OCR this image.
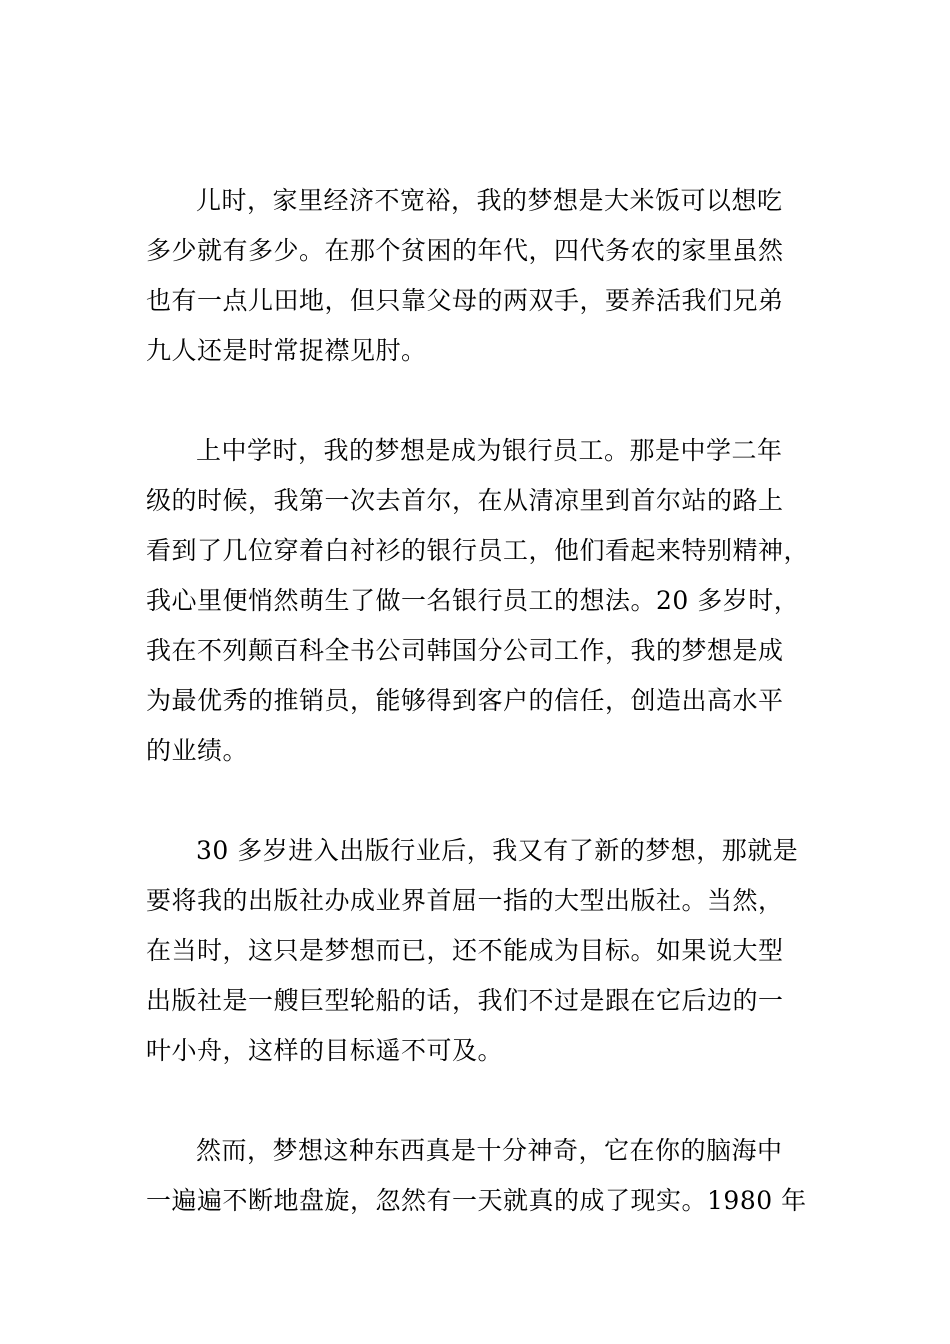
儿时，家里经济不宽裕，我的梦想是大米饭可以想吃
多少就有多少。在那个贫困的年代，四代务农的家里虽然
也有一点儿田地，但只靠父母的两双手，要养活我们兄弟
九人还是时常捉襟见肘。
上中学时，我的梦想是成为银行员工。那是中学二年
级的时候，我第一次去首尔，在从清凉里到首尔站的路上
看到了几位穿着白衬衫的银行员工，他们看起来特别精神，
我心里便悄然萌生了做一名银行员工的想法。20 多岁时，
我在不列颠百科全书公司韩国分公司工作，我的梦想是成
为最优秀的推销员，能够得到客户的信任，创造出高水平
的业绩。
30 多岁进入出版行业后，我又有了新的梦想，那就是
要将我的出版社办成业界首屈一指的大型出版社。当然，
在当时，这只是梦想而已，还不能成为目标。如果说大型
出版社是一艘巨型轮船的话，我们不过是跟在它后边的一
叶小舟，这样的目标遥不可及。
然而，梦想这种东西真是十分神奇，它在你的脑海中
一遍遍不断地盘旋，忽然有一天就真的成了现实。1980 年
